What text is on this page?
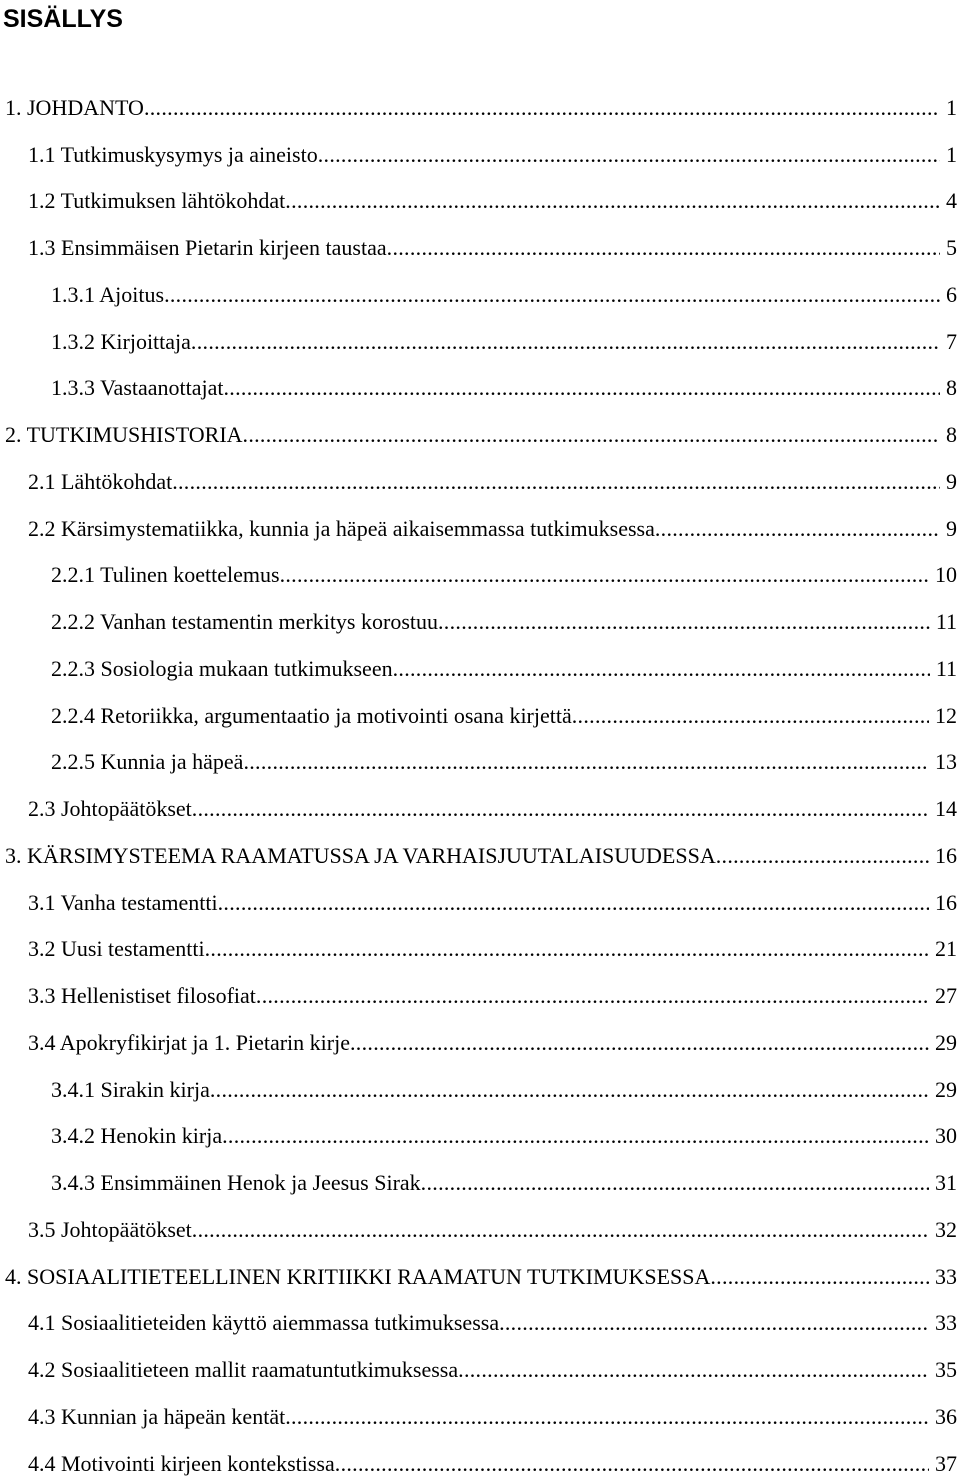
SISÄLLYS
1. JOHDANTO . . .	1
1.1 Tutkimuskysymys ja aineisto . . .	1
1.2 Tutkimuksen lähtökohdat . . .	4
1.3 Ensimmäisen Pietarin kirjeen taustaa . . .	5
1.3.1 Ajoitus . . .	6
1.3.2 Kirjoittaja . . .	7
1.3.3 Vastaanottajat . . .	8
2. TUTKIMUSHISTORIA . . .	8
2.1 Lähtökohdat . . .	9
2.2 Kärsimystematiikka, kunnia ja häpeä aikaisemmassa tutkimuksessa . . .	9
2.2.1 Tulinen koettelemus . . .	10
2.2.2 Vanhan testamentin merkitys korostuu . . .	11
2.2.3 Sosiologia mukaan tutkimukseen . . .	11
2.2.4 Retoriikka, argumentaatio ja motivointi osana kirjettä . . .	12
2.2.5 Kunnia ja häpeä . . .	13
2.3 Johtopäätökset . . .	14
3. KÄRSIMYSTEEMA RAAMATUSSA JA VARHAISJUUTALAISUUDESSA . . .	16
3.1 Vanha testamentti . . .	16
3.2 Uusi testamentti . . .	21
3.3 Hellenistiset filosofiat . . .	27
3.4 Apokryfikirjat ja 1. Pietarin kirje . . .	29
3.4.1 Sirakin kirja . . .	29
3.4.2 Henokin kirja . . .	30
3.4.3 Ensimmäinen Henok ja Jeesus Sirak . . .	31
3.5 Johtopäätökset . . .	32
4. SOSIAALITIETEELLINEN KRITIIKKI RAAMATUN TUTKIMUKSESSA . . .	33
4.1 Sosiaalitieteiden käyttö aiemmassa tutkimuksessa . . .	33
4.2 Sosiaalitieteen mallit raamatuntutkimuksessa . . .	35
4.3 Kunnian ja häpeän kentät . . .	36
4.4 Motivointi kirjeen kontekstissa . . .	37
